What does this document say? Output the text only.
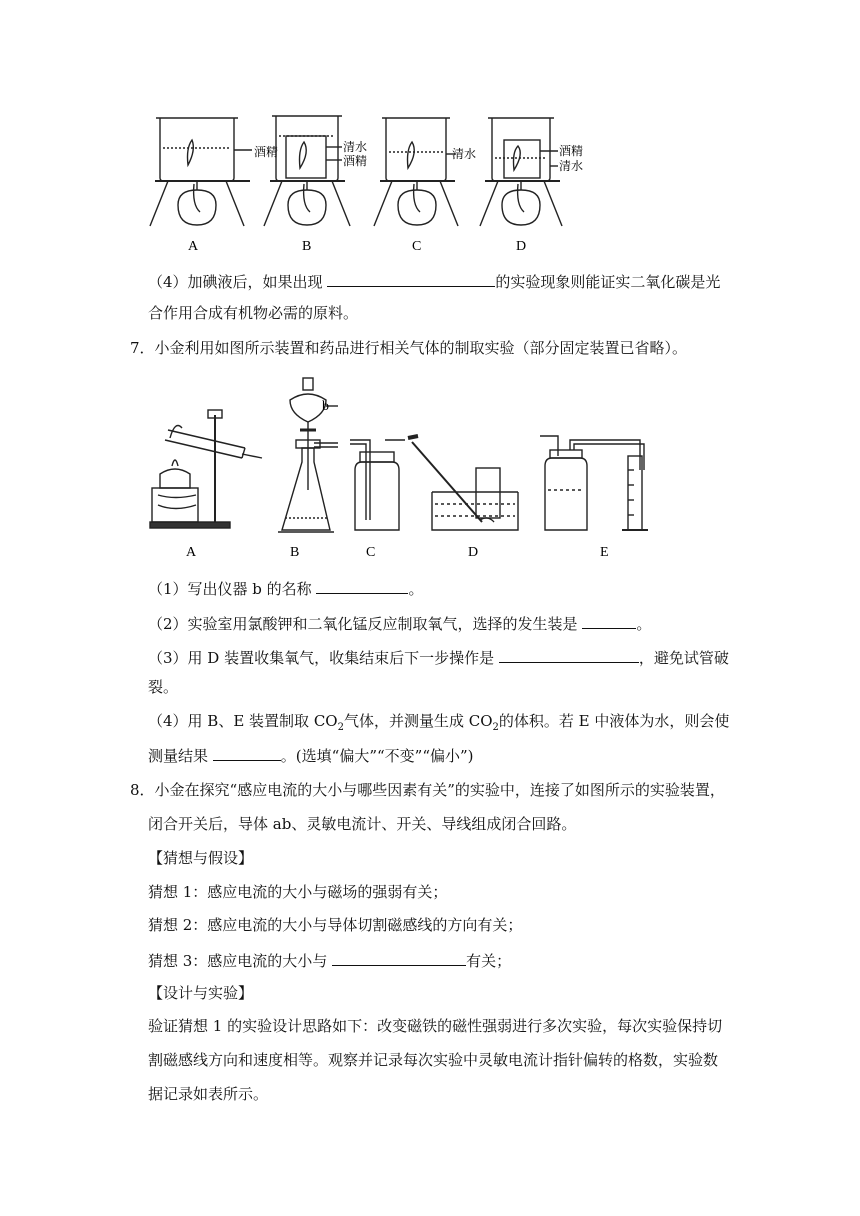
酒精	清水
酒精	清水	酒精
清水
A	B	C	D
（4）加碘液后，如果出现	的实验现象则能证实二氧化碳是光
合作用合成有机物必需的原料。
7．小金利用如图所示装置和药品进行相关气体的制取实验（部分固定装置已省略）。
b
A	B	C	D	E
（1）写出仪器 b 的名称	。
（2）实验室用氯酸钾和二氧化锰反应制取氧气，选择的发生装是	。
（3）用 D 装置收集氧气，收集结束后下一步操作是	，避免试管破
裂。
（4）用 B、E 装置制取 $CO_2$气体，并测量生成 $CO_2$的体积。若 E 中液体为水，则会使
测量结果	。(选填“偏大”“不变”“偏小”)
8．小金在探究“感应电流的大小与哪些因素有关”的实验中，连接了如图所示的实验装置，
闭合开关后，导体 ab、灵敏电流计、开关、导线组成闭合回路。
【猜想与假设】
猜想 1：感应电流的大小与磁场的强弱有关；
猜想 2：感应电流的大小与导体切割磁感线的方向有关；
猜想 3：感应电流的大小与	有关；
【设计与实验】
验证猜想 1 的实验设计思路如下：改变磁铁的磁性强弱进行多次实验，每次实验保持切
割磁感线方向和速度相等。观察并记录每次实验中灵敏电流计指针偏转的格数，实验数
据记录如表所示。
